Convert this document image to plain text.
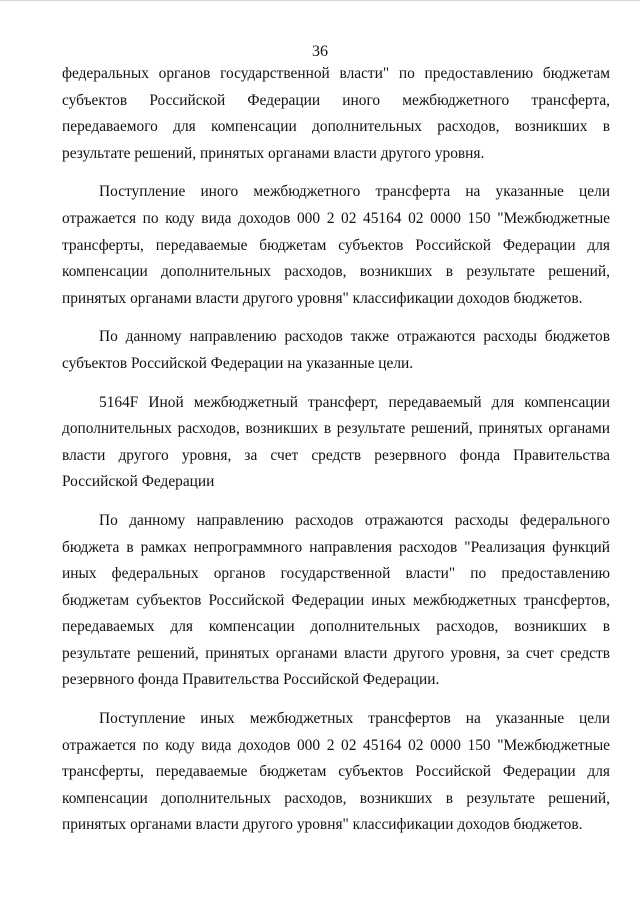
36

федеральных органов государственной власти" по предоставлению бюджетам субъектов Российской Федерации иного межбюджетного трансферта, передаваемого для компенсации дополнительных расходов, возникших в результате решений, принятых органами власти другого уровня.

Поступление иного межбюджетного трансферта на указанные цели отражается по коду вида доходов 000 2 02 45164 02 0000 150 "Межбюджетные трансферты, передаваемые бюджетам субъектов Российской Федерации для компенсации дополнительных расходов, возникших в результате решений, принятых органами власти другого уровня" классификации доходов бюджетов.

По данному направлению расходов также отражаются расходы бюджетов субъектов Российской Федерации на указанные цели.

5164F Иной межбюджетный трансферт, передаваемый для компенсации дополнительных расходов, возникших в результате решений, принятых органами власти другого уровня, за счет средств резервного фонда Правительства Российской Федерации

По данному направлению расходов отражаются расходы федерального бюджета в рамках непрограммного направления расходов "Реализация функций иных федеральных органов государственной власти" по предоставлению бюджетам субъектов Российской Федерации иных межбюджетных трансфертов, передаваемых для компенсации дополнительных расходов, возникших в результате решений, принятых органами власти другого уровня, за счет средств резервного фонда Правительства Российской Федерации.

Поступление иных межбюджетных трансфертов на указанные цели отражается по коду вида доходов 000 2 02 45164 02 0000 150 "Межбюджетные трансферты, передаваемые бюджетам субъектов Российской Федерации для компенсации дополнительных расходов, возникших в результате решений, принятых органами власти другого уровня" классификации доходов бюджетов.
